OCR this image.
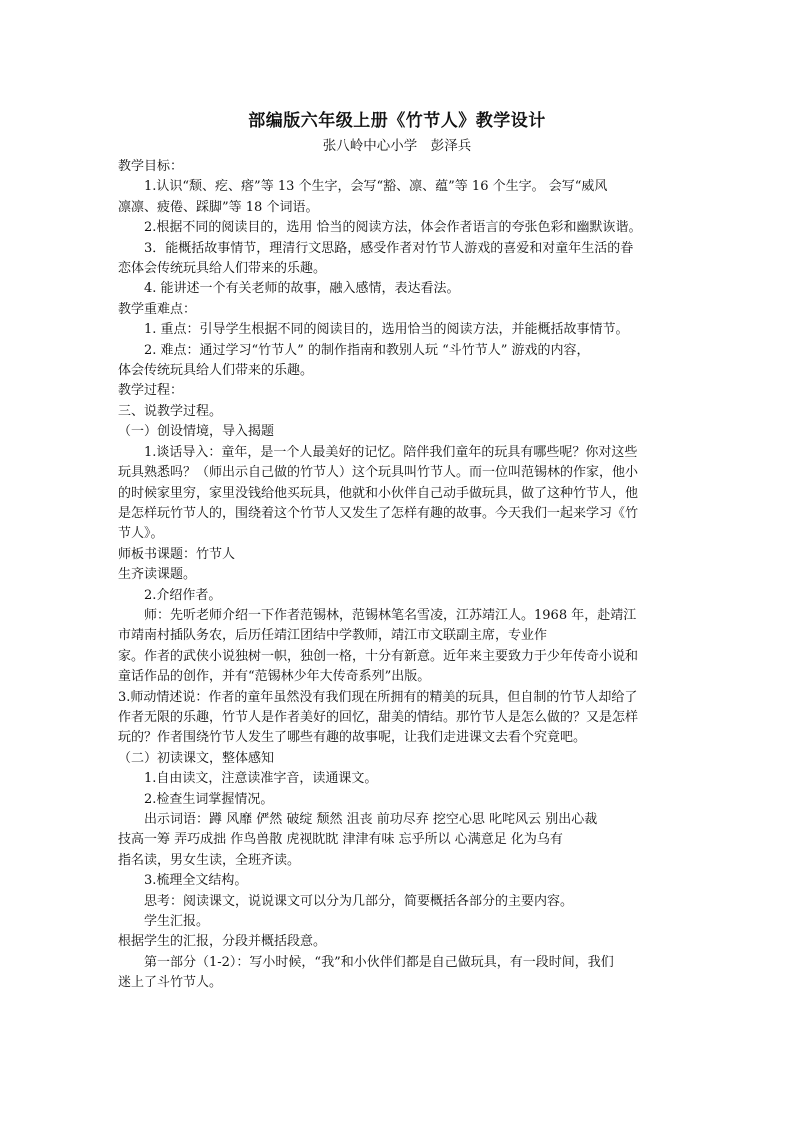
部编版六年级上册《竹节人》教学设计
张八岭中心小学　彭泽兵

教学目标：

1.认识“颓、疙、瘩”等 13 个生字，会写“豁、凛、蕴”等 16 个生字。 会写“威风

凛凛、疲倦、踩脚”等 18 个词语。

2.根据不同的阅读目的，选用 恰当的阅读方法，体会作者语言的夸张色彩和幽默诙谐。

3．能概括故事情节，理清行文思路，感受作者对竹节人游戏的喜爱和对童年生活的眷

恋体会传统玩具给人们带来的乐趣。

4. 能讲述一个有关老师的故事，融入感情，表达看法。

教学重难点：

1. 重点：引导学生根据不同的阅读目的，选用恰当的阅读方法，并能概括故事情节。

2. 难点：通过学习“竹节人” 的制作指南和教别人玩 “斗竹节人” 游戏的内容，

体会传统玩具给人们带来的乐趣。

教学过程：

三、说教学过程。

（一）创设情境，导入揭题

1.谈话导入：童年，是一个人最美好的记忆。陪伴我们童年的玩具有哪些呢？你对这些

玩具熟悉吗？（师出示自己做的竹节人）这个玩具叫竹节人。而一位叫范锡林的作家，他小

的时候家里穷，家里没钱给他买玩具，他就和小伙伴自己动手做玩具，做了这种竹节人，他

是怎样玩竹节人的，围绕着这个竹节人又发生了怎样有趣的故事。今天我们一起来学习《竹

节人》。

师板书课题：竹节人

生齐读课题。

2.介绍作者。

师：先听老师介绍一下作者范锡林，范锡林笔名雪凌，江苏靖江人。1968 年，赴靖江

市靖南村插队务农，后历任靖江团结中学教师，靖江市文联副主席，专业作

家。作者的武侠小说独树一帜，独创一格，十分有新意。近年来主要致力于少年传奇小说和

童话作品的创作，并有“范锡林少年大传奇系列”出版。

3.师动情述说：作者的童年虽然没有我们现在所拥有的精美的玩具，但自制的竹节人却给了

作者无限的乐趣，竹节人是作者美好的回忆，甜美的情结。那竹节人是怎么做的？又是怎样

玩的？作者围绕竹节人发生了哪些有趣的故事呢，让我们走进课文去看个究竟吧。

（二）初读课文，整体感知

1.自由读文，注意读准字音，读通课文。

2.检查生词掌握情况。

出示词语：蹲 风靡 俨然 破绽 颓然 沮丧 前功尽弃 挖空心思 叱咤风云 别出心裁

技高一筹 弄巧成拙 作鸟兽散 虎视眈眈 津津有味 忘乎所以 心满意足 化为乌有

指名读，男女生读，全班齐读。

3.梳理全文结构。

思考：阅读课文，说说课文可以分为几部分，简要概括各部分的主要内容。

学生汇报。

根据学生的汇报，分段并概括段意。

第一部分（1-2）：写小时候，“我”和小伙伴们都是自己做玩具，有一段时间，我们

迷上了斗竹节人。
